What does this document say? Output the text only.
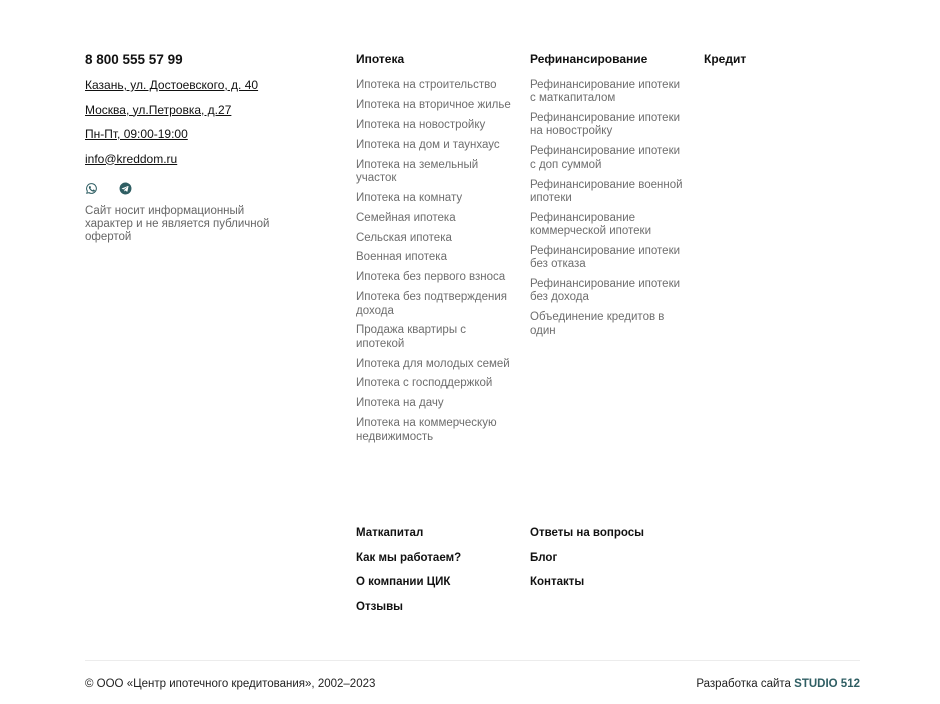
8 800 555 57 99
Казань, ул. Достоевского, д. 40
Москва, ул.Петровка, д.27
Пн-Пт, 09:00-19:00
info@kreddom.ru

Сайт носит информационный характер и не является публичной офертой
Ипотека
Ипотека на строительство
Ипотека на вторичное жилье
Ипотека на новостройку
Ипотека на дом и таунхаус
Ипотека на земельный участок
Ипотека на комнату
Семейная ипотека
Сельская ипотека
Военная ипотека
Ипотека без первого взноса
Ипотека без подтверждения дохода
Продажа квартиры с ипотекой
Ипотека для молодых семей
Ипотека с господдержкой
Ипотека на дачу
Ипотека на коммерческую недвижимость
Рефинансирование
Рефинансирование ипотеки с маткапиталом
Рефинансирование ипотеки на новостройку
Рефинансирование ипотеки с доп суммой
Рефинансирование военной ипотеки
Рефинансирование коммерческой ипотеки
Рефинансирование ипотеки без отказа
Рефинансирование ипотеки без дохода
Объединение кредитов в один
Кредит
Маткапитал
Как мы работаем?
О компании ЦИК
Отзывы
Ответы на вопросы
Блог
Контакты
© ООО «Центр ипотечного кредитования», 2002–2023	Разработка сайта STUDIO 512
